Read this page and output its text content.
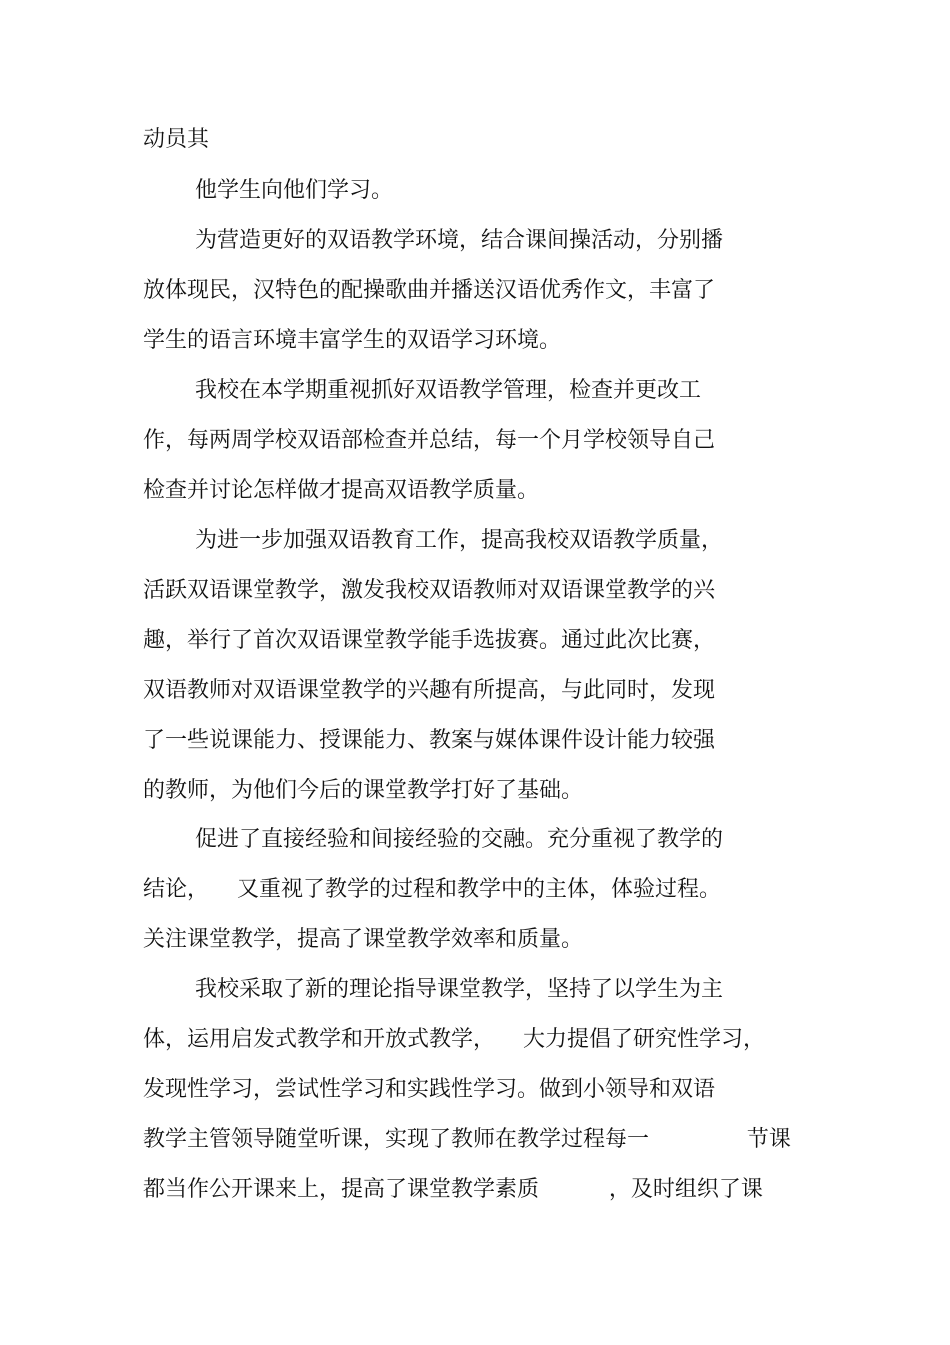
动员其
他学生向他们学习。
为营造更好的双语教学环境，结合课间操活动，分别播
放体现民，汉特色的配操歌曲并播送汉语优秀作文，丰富了
学生的语言环境丰富学生的双语学习环境。
我校在本学期重视抓好双语教学管理，检查并更改工
作，每两周学校双语部检查并总结，每一个月学校领导自己
检查并讨论怎样做才提高双语教学质量。
为进一步加强双语教育工作，提高我校双语教学质量，
活跃双语课堂教学，激发我校双语教师对双语课堂教学的兴
趣，举行了首次双语课堂教学能手选拔赛。通过此次比赛，
双语教师对双语课堂教学的兴趣有所提高，与此同时，发现
了一些说课能力、授课能力、教案与媒体课件设计能力较强
的教师，为他们今后的课堂教学打好了基础。
促进了直接经验和间接经验的交融。充分重视了教学的
结论，    又重视了教学的过程和教学中的主体，体验过程。
关注课堂教学，提高了课堂教学效率和质量。
我校采取了新的理论指导课堂教学，坚持了以学生为主
体，运用启发式教学和开放式教学，    大力提倡了研究性学习，
发现性学习，尝试性学习和实践性学习。做到小领导和双语
教学主管领导随堂听课，实现了教师在教学过程每一              节课
都当作公开课来上，提高了课堂教学素质          ，及时组织了课
